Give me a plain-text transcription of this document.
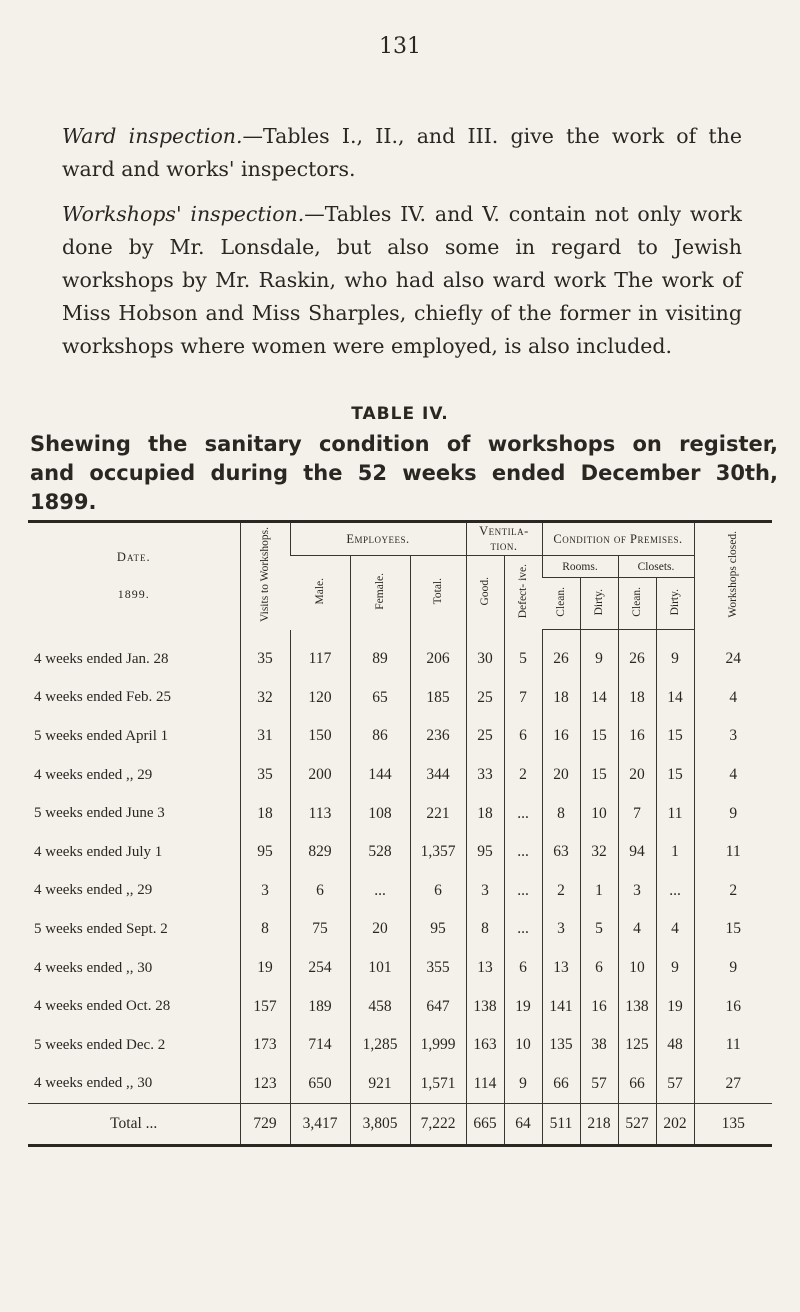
131

Ward inspection.—Tables I., II., and III. give the work of the ward and works' inspectors.

Workshops' inspection.—Tables IV. and V. contain not only work done by Mr. Lonsdale, but also some in regard to Jewish workshops by Mr. Raskin, who had also ward work The work of Miss Hobson and Miss Sharples, chiefly of the former in visiting workshops where women were employed, is also included.

TABLE IV.

Shewing the sanitary condition of workshops on register,
and occupied during the 52 weeks ended December 30th,
1899.

Date.
1899.	Visits to Workshops.	Employees.			Ventila- tion.		Condition of Premises.				Workshops closed.
		Male.	Female.	Total.	Good.	Defect- ive.	Rooms.		Closets.		
							Clean.	Dirty.	Clean.	Dirty.	
4 weeks ended Jan. 28	35	117	89	206	30	5	26	9	26	9	24
4 weeks ended Feb. 25	32	120	65	185	25	7	18	14	18	14	4
5 weeks ended April 1	31	150	86	236	25	6	16	15	16	15	3
4 weeks ended ,, 29	35	200	144	344	33	2	20	15	20	15	4
5 weeks ended June 3	18	113	108	221	18	...	8	10	7	11	9
4 weeks ended July 1	95	829	528	1,357	95	...	63	32	94	1	11
4 weeks ended ,, 29	3	6	...	6	3	...	2	1	3	...	2
5 weeks ended Sept. 2	8	75	20	95	8	...	3	5	4	4	15
4 weeks ended ,, 30	19	254	101	355	13	6	13	6	10	9	9
4 weeks ended Oct. 28	157	189	458	647	138	19	141	16	138	19	16
5 weeks ended Dec. 2	173	714	1,285	1,999	163	10	135	38	125	48	11
4 weeks ended ,, 30	123	650	921	1,571	114	9	66	57	66	57	27
Total ...	729	3,417	3,805	7,222	665	64	511	218	527	202	135
